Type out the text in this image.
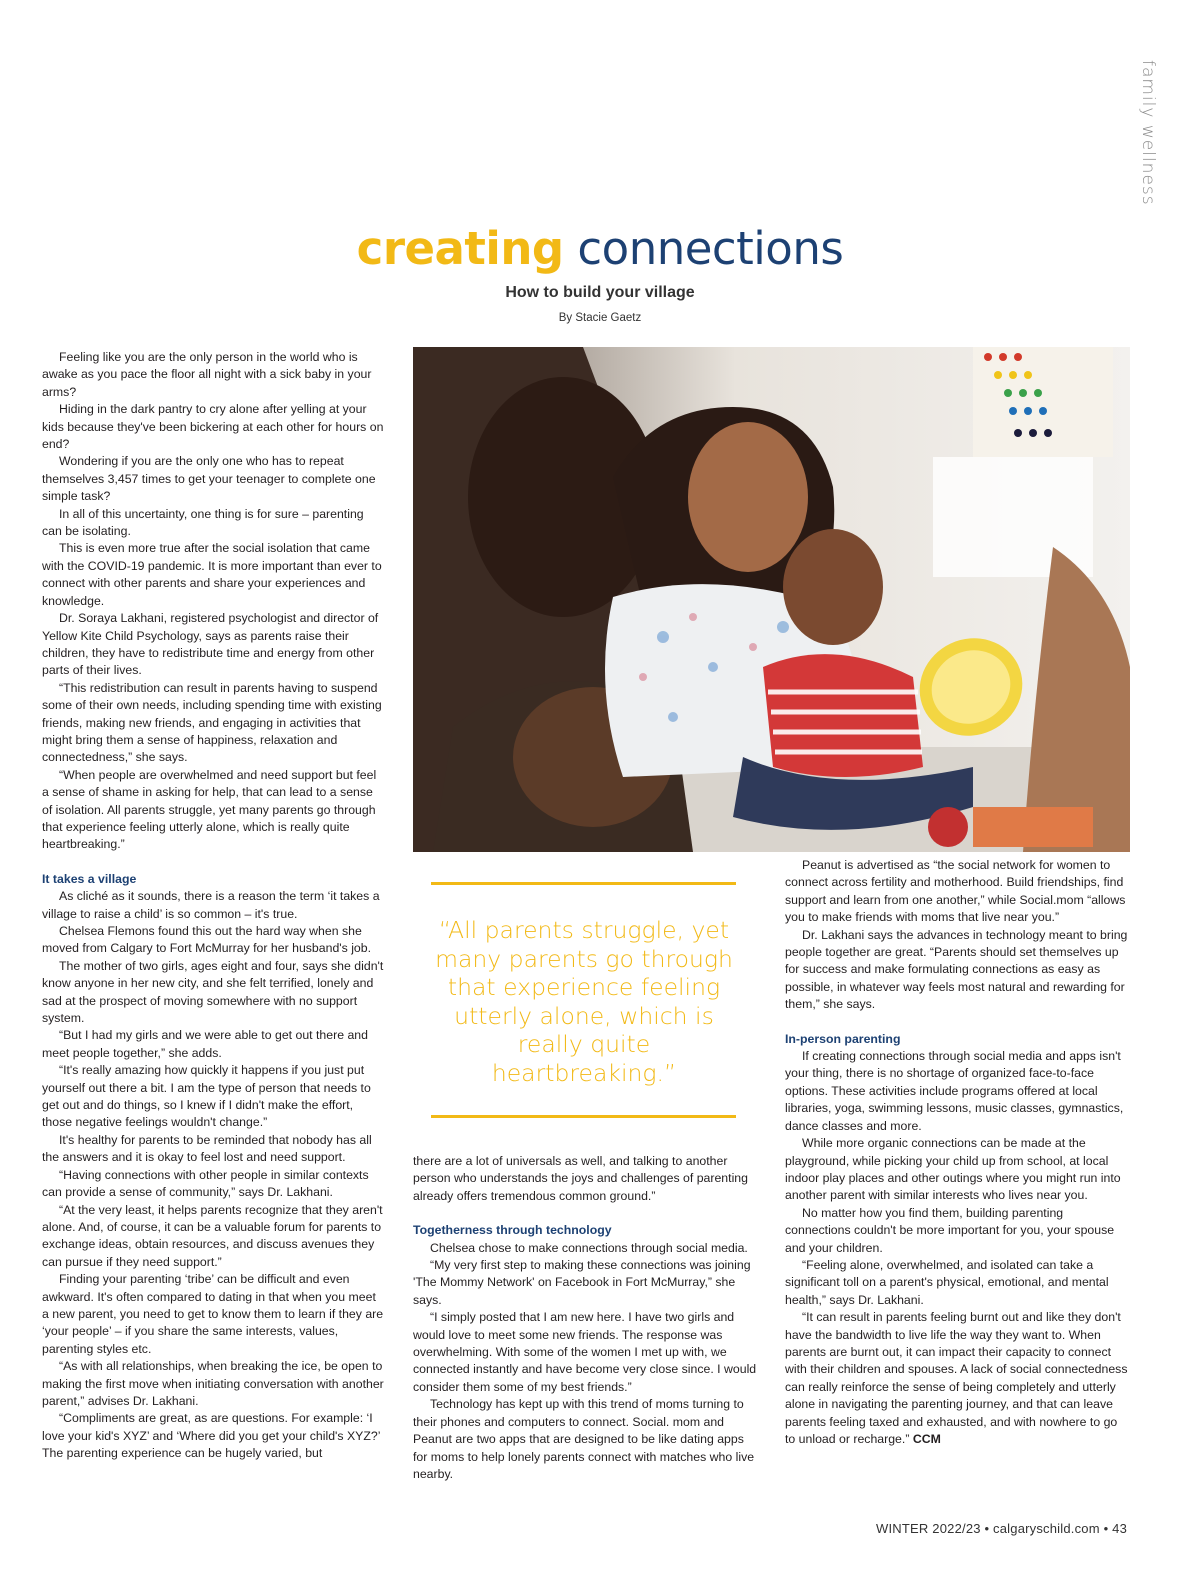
family wellness
creating connections
How to build your village
By Stacie Gaetz

Feeling like you are the only person in the world who is awake as you pace the floor all night with a sick baby in your arms?

Hiding in the dark pantry to cry alone after yelling at your kids because they've been bickering at each other for hours on end?

Wondering if you are the only one who has to repeat themselves 3,457 times to get your teenager to complete one simple task?

In all of this uncertainty, one thing is for sure – parenting can be isolating.

This is even more true after the social isolation that came with the COVID-19 pandemic. It is more important than ever to connect with other parents and share your experiences and knowledge.

Dr. Soraya Lakhani, registered psychologist and director of Yellow Kite Child Psychology, says as parents raise their children, they have to redistribute time and energy from other parts of their lives.

“This redistribution can result in parents having to suspend some of their own needs, including spending time with existing friends, making new friends, and engaging in activities that might bring them a sense of happiness, relaxation and connectedness,” she says.

“When people are overwhelmed and need support but feel a sense of shame in asking for help, that can lead to a sense of isolation. All parents struggle, yet many parents go through that experience feeling utterly alone, which is really quite heartbreaking.”

It takes a village

As cliché as it sounds, there is a reason the term ‘it takes a village to raise a child’ is so common – it's true.

Chelsea Flemons found this out the hard way when she moved from Calgary to Fort McMurray for her husband's job.

The mother of two girls, ages eight and four, says she didn't know anyone in her new city, and she felt terrified, lonely and sad at the prospect of moving somewhere with no support system.

“But I had my girls and we were able to get out there and meet people together,” she adds.

“It's really amazing how quickly it happens if you just put yourself out there a bit. I am the type of person that needs to get out and do things, so I knew if I didn't make the effort, those negative feelings wouldn't change.”

It's healthy for parents to be reminded that nobody has all the answers and it is okay to feel lost and need support.

“Having connections with other people in similar contexts can provide a sense of community,” says Dr. Lakhani.

“At the very least, it helps parents recognize that they aren't alone. And, of course, it can be a valuable forum for parents to exchange ideas, obtain resources, and discuss avenues they can pursue if they need support.”

Finding your parenting ‘tribe’ can be difficult and even awkward. It's often compared to dating in that when you meet a new parent, you need to get to know them to learn if they are ‘your people’ – if you share the same interests, values, parenting styles etc.

“As with all relationships, when breaking the ice, be open to making the first move when initiating conversation with another parent,” advises Dr. Lakhani.

“Compliments are great, as are questions. For example: ‘I love your kid's XYZ’ and ‘Where did you get your child's XYZ?’ The parenting experience can be hugely varied, but

“All parents struggle, yet many parents go through that experience feeling utterly alone, which is really quite heartbreaking.”

there are a lot of universals as well, and talking to another person who understands the joys and challenges of parenting already offers tremendous common ground.”

Togetherness through technology

Chelsea chose to make connections through social media.

“My very first step to making these connections was joining 'The Mommy Network' on Facebook in Fort McMurray,” she says.

“I simply posted that I am new here. I have two girls and would love to meet some new friends. The response was overwhelming. With some of the women I met up with, we connected instantly and have become very close since. I would consider them some of my best friends.”

Technology has kept up with this trend of moms turning to their phones and computers to connect. Social. mom and Peanut are two apps that are designed to be like dating apps for moms to help lonely parents connect with matches who live nearby.

Peanut is advertised as “the social network for women to connect across fertility and motherhood. Build friendships, find support and learn from one another,” while Social.mom “allows you to make friends with moms that live near you.”

Dr. Lakhani says the advances in technology meant to bring people together are great. “Parents should set themselves up for success and make formulating connections as easy as possible, in whatever way feels most natural and rewarding for them,” she says.

In-person parenting

If creating connections through social media and apps isn't your thing, there is no shortage of organized face-to-face options. These activities include programs offered at local libraries, yoga, swimming lessons, music classes, gymnastics, dance classes and more.

While more organic connections can be made at the playground, while picking your child up from school, at local indoor play places and other outings where you might run into another parent with similar interests who lives near you.

No matter how you find them, building parenting connections couldn't be more important for you, your spouse and your children.

“Feeling alone, overwhelmed, and isolated can take a significant toll on a parent's physical, emotional, and mental health,” says Dr. Lakhani.

“It can result in parents feeling burnt out and like they don't have the bandwidth to live life the way they want to. When parents are burnt out, it can impact their capacity to connect with their children and spouses. A lack of social connectedness can really reinforce the sense of being completely and utterly alone in navigating the parenting journey, and that can leave parents feeling taxed and exhausted, and with nowhere to go to unload or recharge.” CCM

WINTER 2022/23 • calgaryschild.com • 43
